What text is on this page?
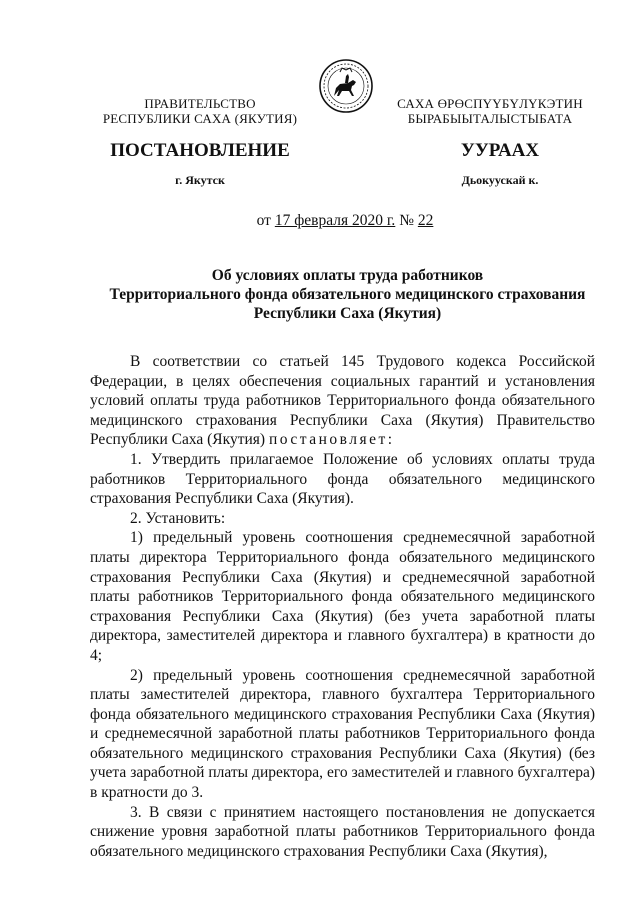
ПРАВИТЕЛЬСТВО
РЕСПУБЛИКИ САХА (ЯКУТИЯ)
САХА ӨРӨСПҮҮБҮЛҮКЭТИН
БЫРАБЫЫТАЛЫСТЫБАТА
ПОСТАНОВЛЕНИЕ	УУРААХ
г. Якутск	Дьокуускай к.
от 17 февраля 2020 г. № 22
Об условиях оплаты труда работников
Территориального фонда обязательного медицинского страхования
Республики Саха (Якутия)

В соответствии со статьей 145 Трудового кодекса Российской Федерации, в целях обеспечения социальных гарантий и установления условий оплаты труда работников Территориального фонда обязательного медицинского страхования Республики Саха (Якутия) Правительство Республики Саха (Якутия) постановляет:

1. Утвердить прилагаемое Положение об условиях оплаты труда работников Территориального фонда обязательного медицинского страхования Республики Саха (Якутия).

2. Установить:

1) предельный уровень соотношения среднемесячной заработной платы директора Территориального фонда обязательного медицинского страхования Республики Саха (Якутия) и среднемесячной заработной платы работников Территориального фонда обязательного медицинского страхования Республики Саха (Якутия) (без учета заработной платы директора, заместителей директора и главного бухгалтера) в кратности до 4;

2) предельный уровень соотношения среднемесячной заработной платы заместителей директора, главного бухгалтера Территориального фонда обязательного медицинского страхования Республики Саха (Якутия) и среднемесячной заработной платы работников Территориального фонда обязательного медицинского страхования Республики Саха (Якутия) (без учета заработной платы директора, его заместителей и главного бухгалтера) в кратности до 3.

3. В связи с принятием настоящего постановления не допускается снижение уровня заработной платы работников Территориального фонда обязательного медицинского страхования Республики Саха (Якутия),
